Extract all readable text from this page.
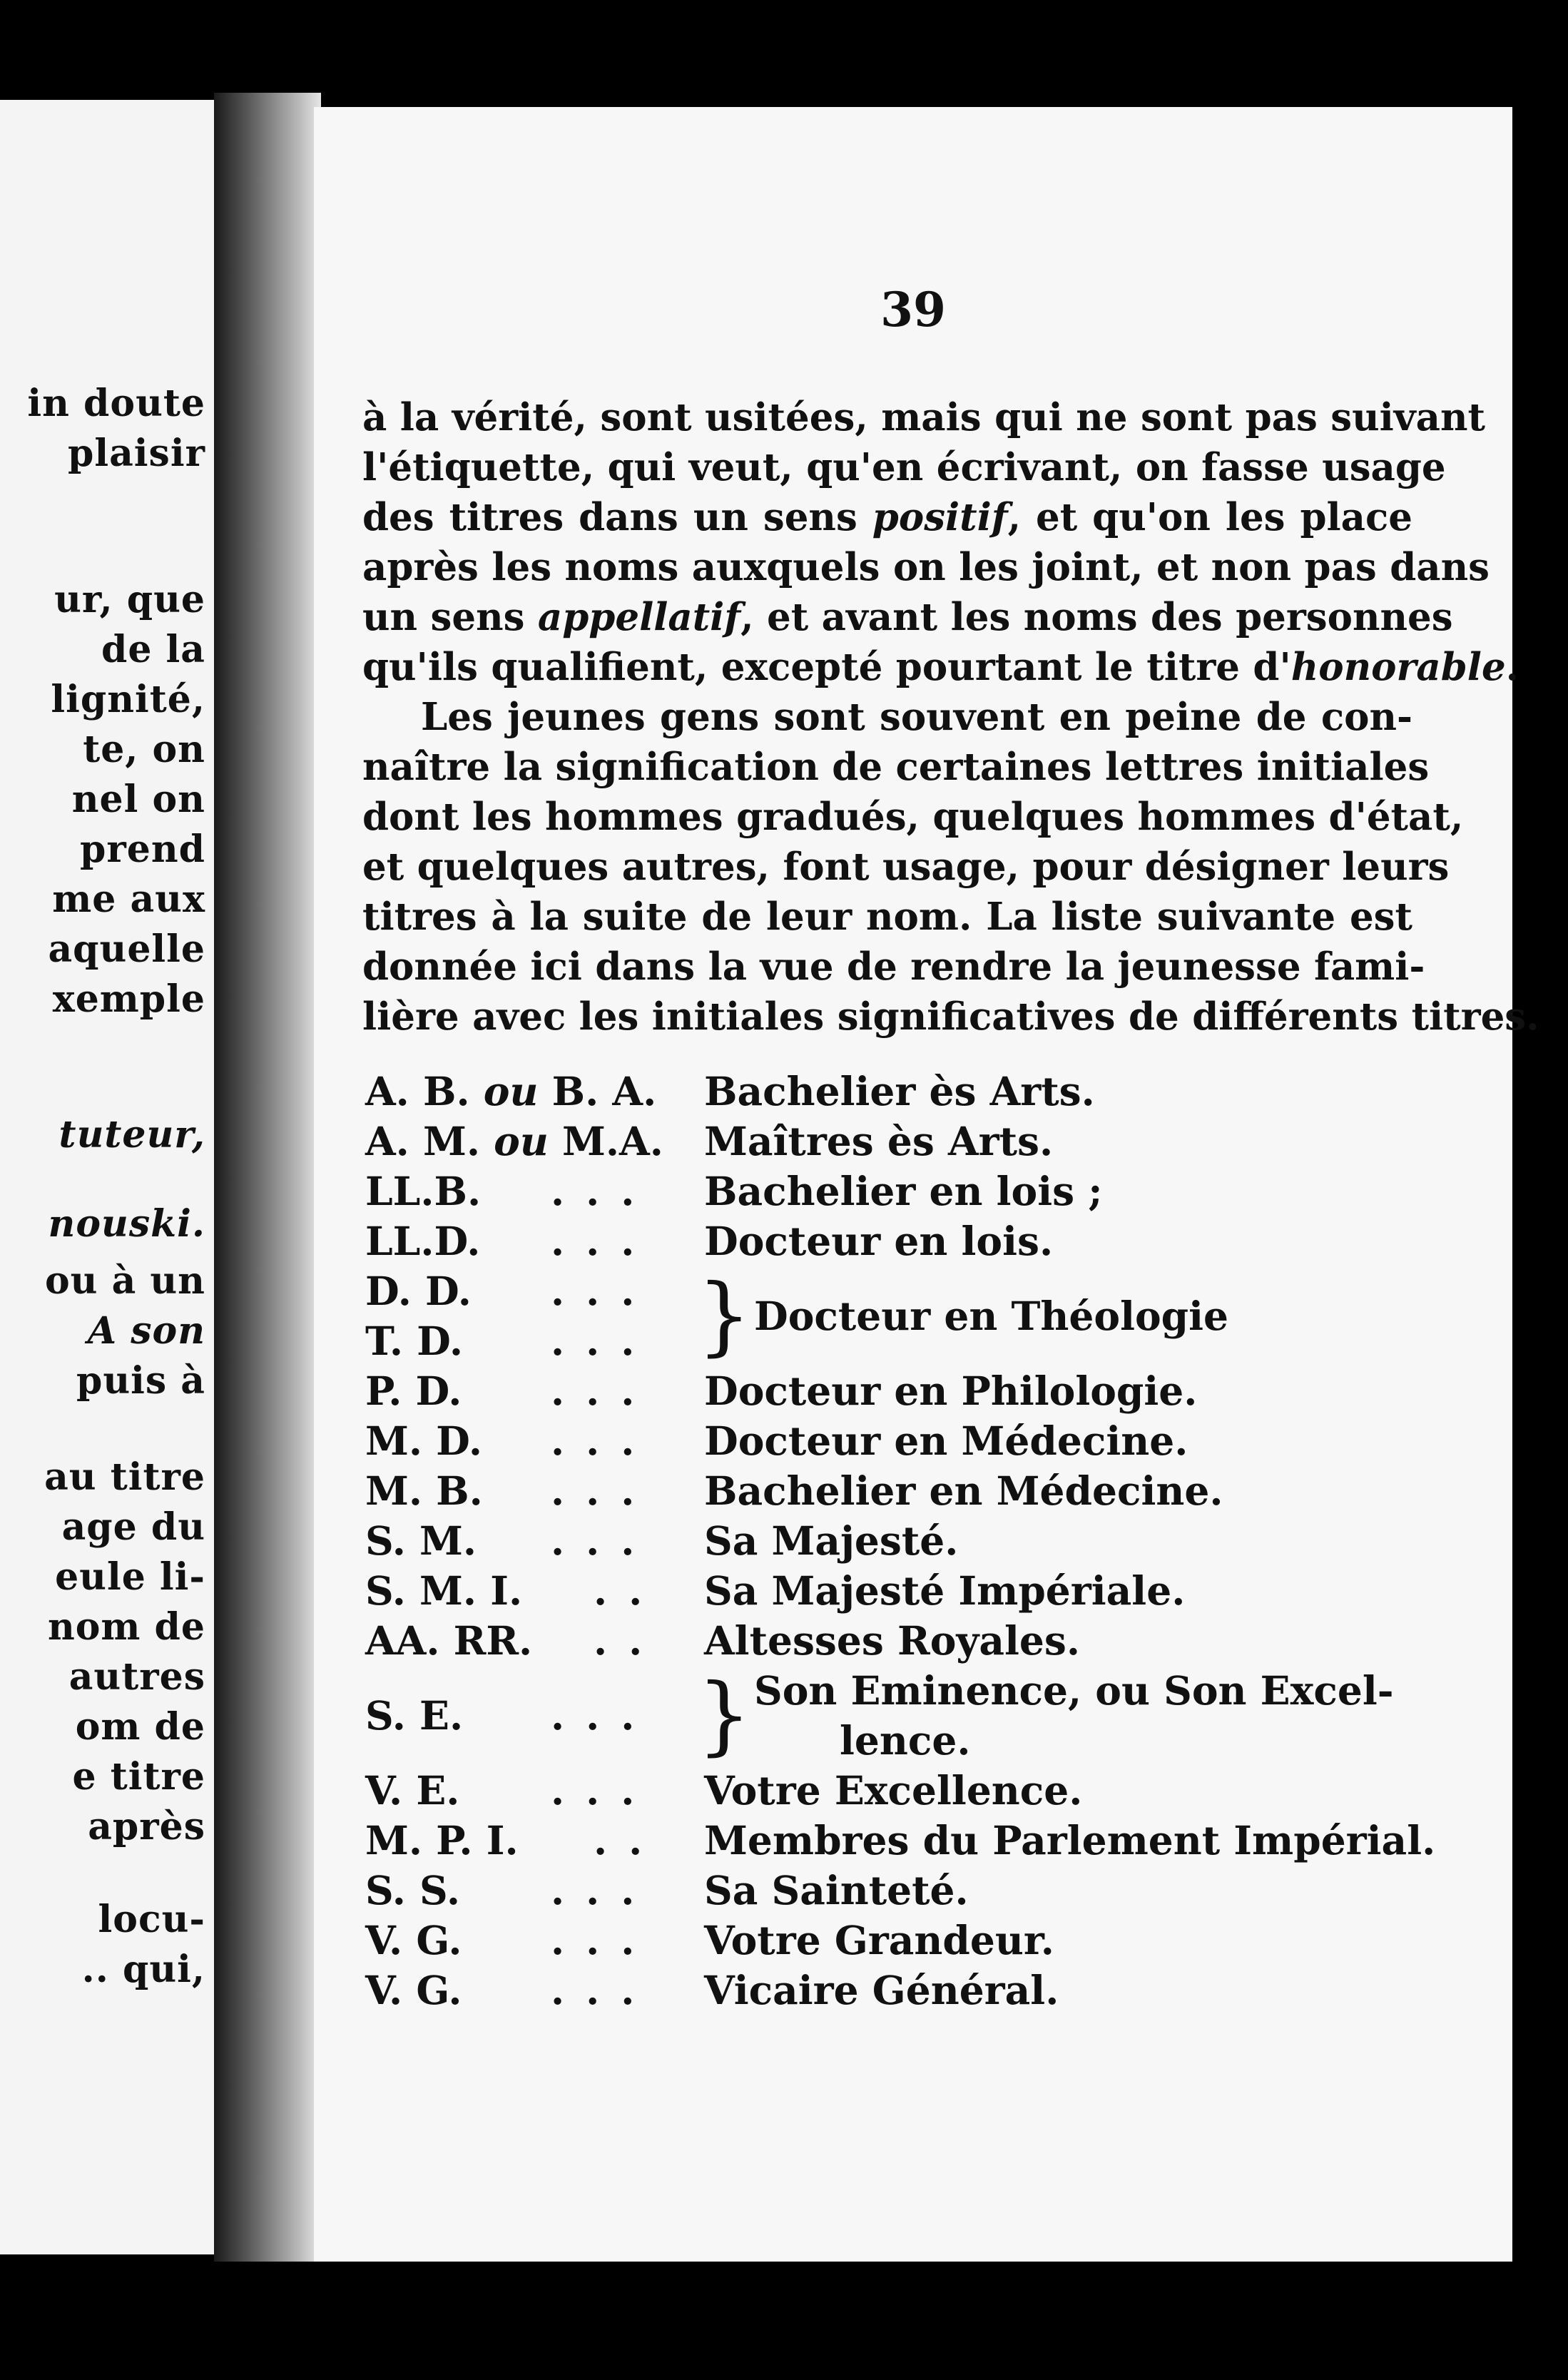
in doute
plaisir
ur, que
de la
lignité,
te, on
nel on
prend
me aux
aquelle
xemple
tuteur,
nouski.
ou à un
A son
puis à
au titre
age du
eule li-
nom de
autres
om de
e titre
après
locu-
.. qui,
39
à la vérité, sont usitées, mais qui ne sont pas suivant
l'étiquette, qui veut, qu'en écrivant, on fasse usage
des titres dans un sens positif, et qu'on les place
après les noms auxquels on les joint, et non pas dans
un sens appellatif, et avant les noms des personnes
qu'ils qualifient, excepté pourtant le titre d'honorable.
Les jeunes gens sont souvent en peine de con-
naître la signification de certaines lettres initiales
dont les hommes gradués, quelques hommes d'état,
et quelques autres, font usage, pour désigner leurs
titres à la suite de leur nom. La liste suivante est
donnée ici dans la vue de rendre la jeunesse fami-
lière avec les initiales significatives de différents titres.
A. B. ou B. A. Bachelier ès Arts.
A. M. ou M.A. Maîtres ès Arts.
LL.B. ... Bachelier en lois ;
LL.D. ... Docteur en lois.
D. D. ... } Docteur en Théologie
T. D. ...
P. D. ... Docteur en Philologie.
M. D. ... Docteur en Médecine.
M. B. ... Bachelier en Médecine.
S. M. ... Sa Majesté.
S. M. I. .. Sa Majesté Impériale.
AA. RR. .. Altesses Royales.
S. E. ... } Son Eminence, ou Son Excel-
lence.
V. E. ... Votre Excellence.
M. P. I. .. Membres du Parlement Impérial.
S. S. ... Sa Sainteté.
V. G. ... Votre Grandeur.
V. G. ... Vicaire Général.
